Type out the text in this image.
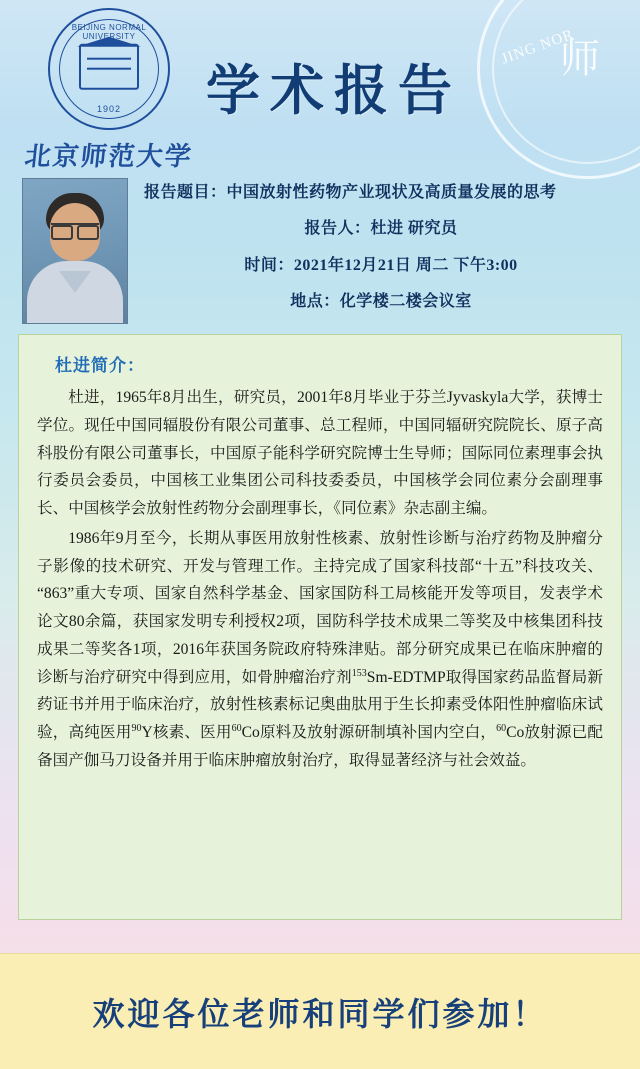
JING NOR
师
BEIJING NORMAL UNIVERSITY
1902
北京师范大学
学术报告
报告题目：中国放射性药物产业现状及高质量发展的思考
报告人：杜进 研究员
时间：2021年12月21日 周二 下午3:00
地点：化学楼二楼会议室
杜进简介：

杜进，1965年8月出生，研究员，2001年8月毕业于芬兰Jyvaskyla大学，获博士学位。现任中国同辐股份有限公司董事、总工程师，中国同辐研究院院长、原子高科股份有限公司董事长，中国原子能科学研究院博士生导师；国际同位素理事会执行委员会委员，中国核工业集团公司科技委委员，中国核学会同位素分会副理事长、中国核学会放射性药物分会副理事长，《同位素》杂志副主编。

1986年9月至今，长期从事医用放射性核素、放射性诊断与治疗药物及肿瘤分子影像的技术研究、开发与管理工作。主持完成了国家科技部“十五”科技攻关、“863”重大专项、国家自然科学基金、国家国防科工局核能开发等项目，发表学术论文80余篇，获国家发明专利授权2项，国防科学技术成果二等奖及中核集团科技成果二等奖各1项，2016年获国务院政府特殊津贴。部分研究成果已在临床肿瘤的诊断与治疗研究中得到应用，如骨肿瘤治疗剂$^{153}$Sm-EDTMP取得国家药品监督局新药证书并用于临床治疗，放射性核素标记奥曲肽用于生长抑素受体阳性肿瘤临床试验，高纯医用$^{90}$Y核素、医用$^{60}$Co原料及放射源研制填补国内空白，$^{60}$Co放射源已配备国产伽马刀设备并用于临床肿瘤放射治疗，取得显著经济与社会效益。

欢迎各位老师和同学们参加！
